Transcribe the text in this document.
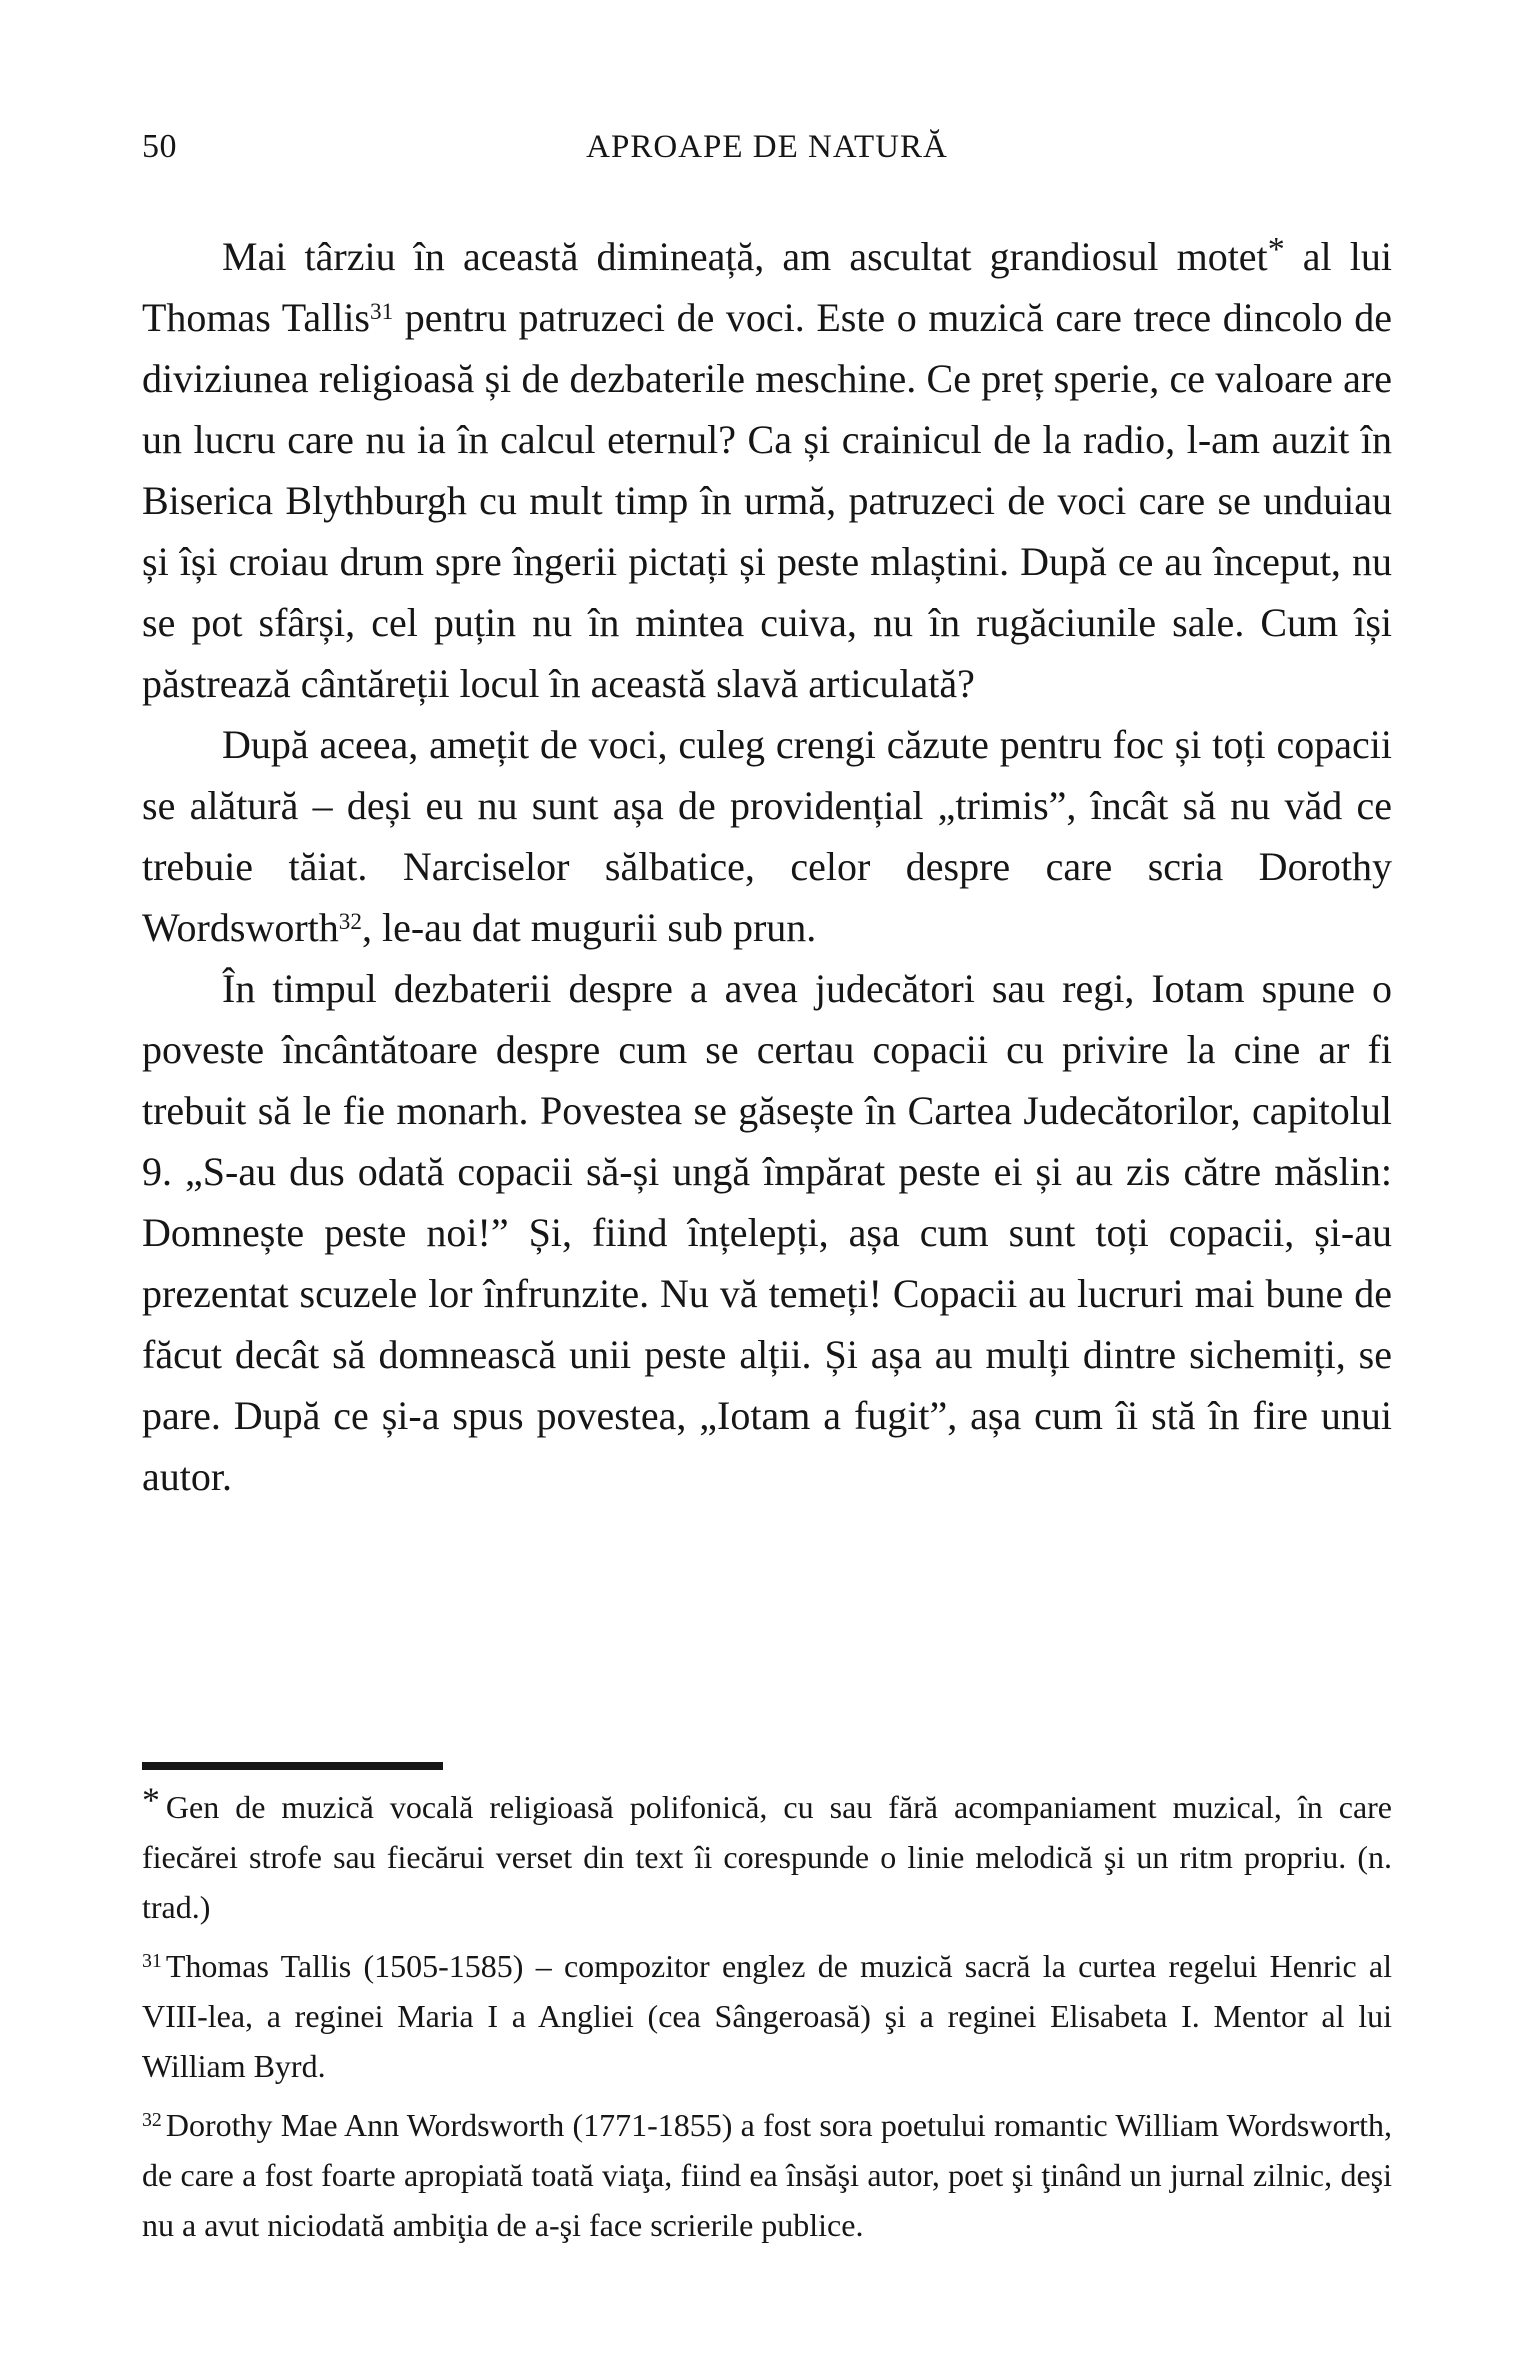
50	APROAPE DE NATURĂ

Mai târziu în această dimineață, am ascultat grandiosul motet* al lui Thomas Tallis$^{31}$ pentru patruzeci de voci. Este o muzică care trece dincolo de diviziunea religioasă și de dezbaterile meschine. Ce preț sperie, ce valoare are un lucru care nu ia în calcul eternul? Ca și crainicul de la radio, l-am auzit în Biserica Blythburgh cu mult timp în urmă, patruzeci de voci care se unduiau și își croiau drum spre îngerii pictați și peste mlaștini. După ce au început, nu se pot sfârși, cel puțin nu în mintea cuiva, nu în rugăciunile sale. Cum își păstrează cântăreții locul în această slavă articulată?

După aceea, amețit de voci, culeg crengi căzute pentru foc și toți copacii se alătură – deși eu nu sunt așa de providențial „trimis”, încât să nu văd ce trebuie tăiat. Narciselor sălbatice, celor despre care scria Dorothy Wordsworth$^{32}$, le-au dat mugurii sub prun.

În timpul dezbaterii despre a avea judecători sau regi, Iotam spune o poveste încântătoare despre cum se certau copacii cu privire la cine ar fi trebuit să le fie monarh. Povestea se găsește în Cartea Judecătorilor, capitolul 9. „S-au dus odată copacii să-și ungă împărat peste ei și au zis către măslin: Domnește peste noi!” Și, fiind înțelepți, așa cum sunt toți copacii, și-au prezentat scuzele lor înfrunzite. Nu vă temeți! Copacii au lucruri mai bune de făcut decât să domnească unii peste alții. Și așa au mulți dintre sichemiți, se pare. După ce și-a spus povestea, „Iotam a fugit”, așa cum îi stă în fire unui autor.

* Gen de muzică vocală religioasă polifonică, cu sau fără acompaniament muzical, în care fiecărei strofe sau fiecărui verset din text îi corespunde o linie melodică şi un ritm propriu. (n. trad.)

$^{31}$ Thomas Tallis (1505-1585) – compozitor englez de muzică sacră la curtea regelui Henric al VIII-lea, a reginei Maria I a Angliei (cea Sângeroasă) şi a reginei Elisabeta I. Mentor al lui William Byrd.

$^{32}$ Dorothy Mae Ann Wordsworth (1771-1855) a fost sora poetului romantic William Wordsworth, de care a fost foarte apropiată toată viaţa, fiind ea însăşi autor, poet şi ţinând un jurnal zilnic, deşi nu a avut niciodată ambiţia de a-şi face scrierile publice.
